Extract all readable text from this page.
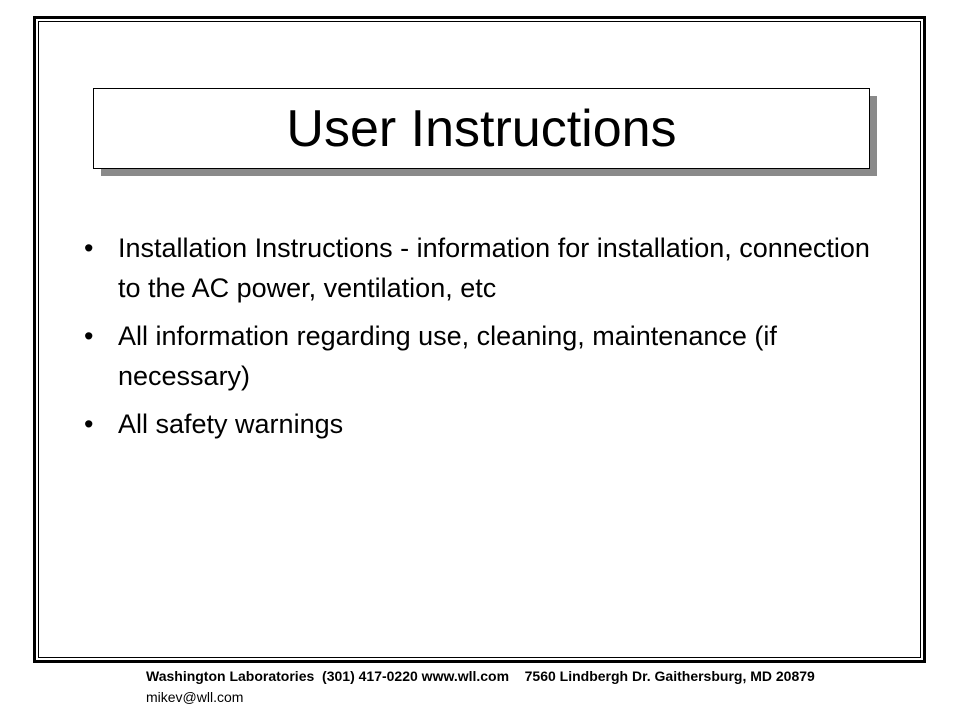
User Instructions
• Installation Instructions - information for installation, connection to the AC power, ventilation, etc
• All information regarding use, cleaning, maintenance (if necessary)
• All safety warnings
Washington Laboratories  (301) 417-0220 www.wll.com    7560 Lindbergh Dr. Gaithersburg, MD 20879
mikev@wll.com
